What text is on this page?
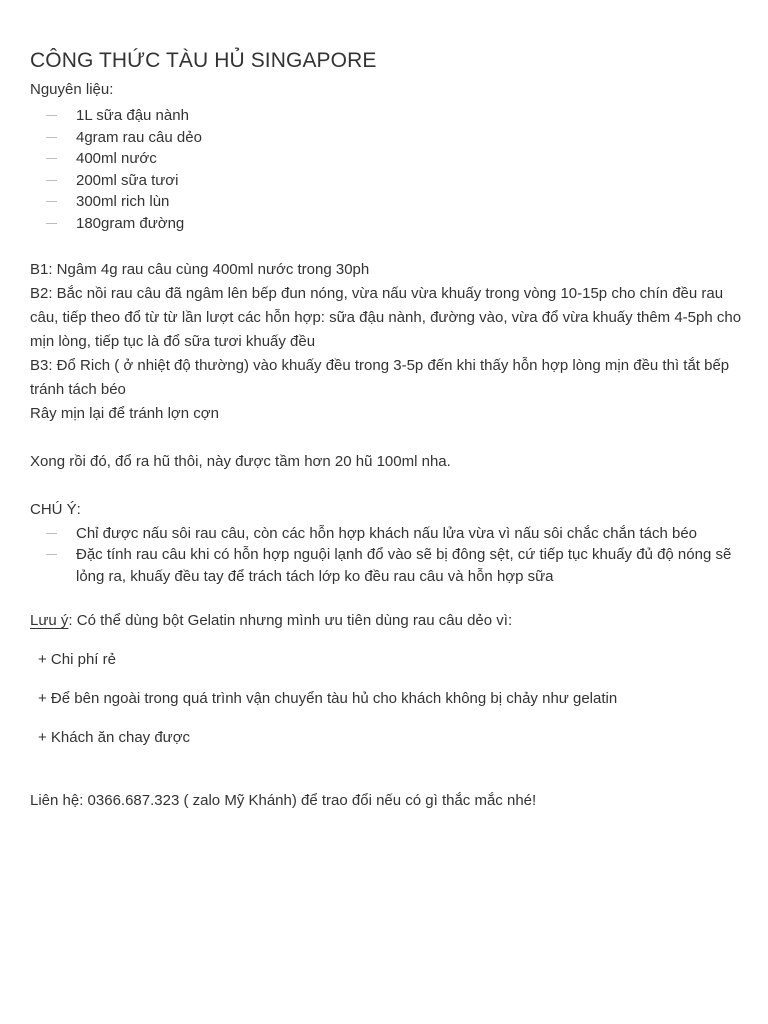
CÔNG THỨC TÀU HỦ SINGAPORE

Nguyên liệu:

1L sữa đậu nành
4gram rau câu dẻo
400ml nước
200ml sữa tươi
300ml rich lùn
180gram đường

B1: Ngâm 4g rau câu cùng 400ml nước trong 30ph

B2: Bắc nồi rau câu đã ngâm lên bếp đun nóng, vừa nấu vừa khuấy trong vòng 10-15p cho chín đều rau câu, tiếp theo đổ từ từ lần lượt các hỗn hợp: sữa đậu nành, đường vào, vừa đổ vừa khuấy thêm 4-5ph cho mịn lòng, tiếp tục là đổ sữa tươi khuấy đều

B3: Đổ Rich ( ở nhiệt độ thường) vào khuấy đều trong 3-5p đến khi thấy hỗn hợp lòng mịn đều thì tắt bếp tránh tách béo

Rây mịn lại để tránh lợn cợn

Xong rồi đó, đổ ra hũ thôi, này được tầm hơn 20 hũ 100ml nha.

CHÚ Ý:

Chỉ được nấu sôi rau câu, còn các hỗn hợp khách nấu lửa vừa vì nấu sôi chắc chắn tách béo
Đặc tính rau câu khi có hỗn hợp nguội lạnh đổ vào sẽ bị đông sệt, cứ tiếp tục khuấy đủ độ nóng sẽ lỏng ra, khuấy đều tay để trách tách lớp ko đều rau câu và hỗn hợp sữa

Lưu ý: Có thể dùng bột Gelatin nhưng mình ưu tiên dùng rau câu dẻo vì:

+ Chi phí rẻ

+ Để bên ngoài trong quá trình vận chuyển tàu hủ cho khách không bị chảy như gelatin

+ Khách ăn chay được

Liên hệ: 0366.687.323 ( zalo Mỹ Khánh) để trao đổi nếu có gì thắc mắc nhé!
